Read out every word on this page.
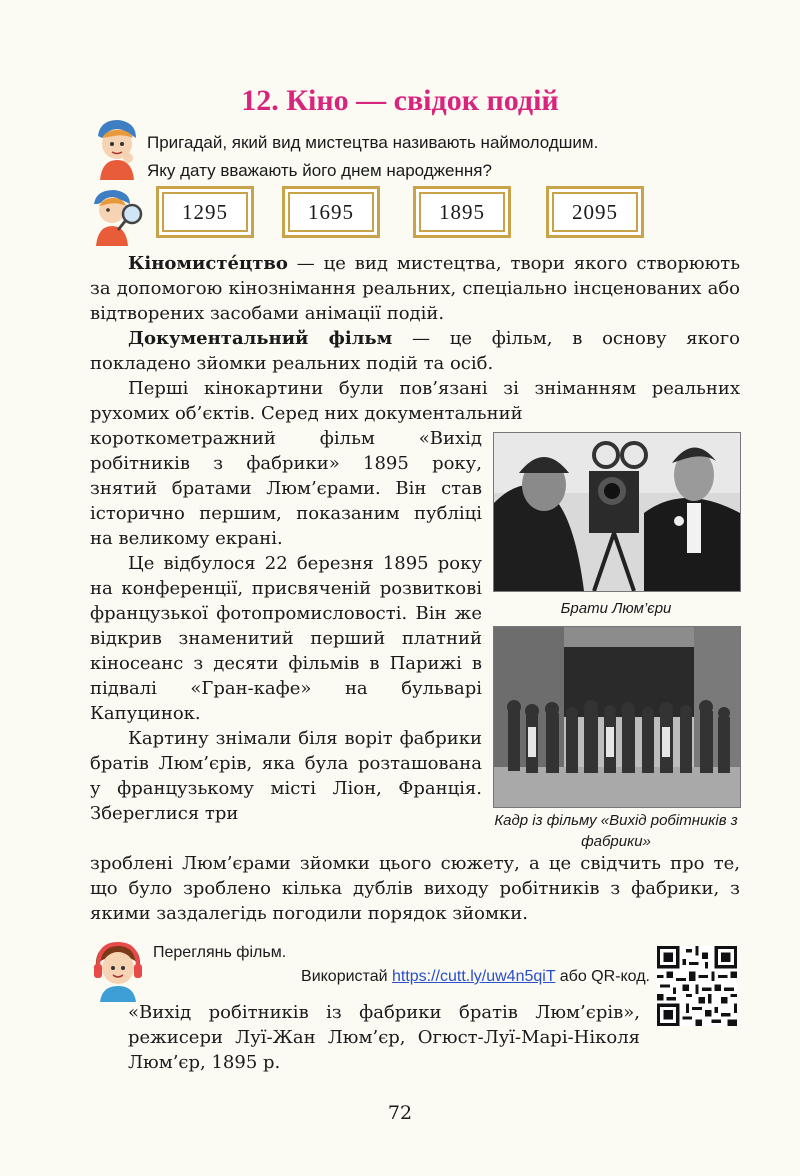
12. Кіно — свідок подій
Пригадай, який вид мистецтва називають наймолодшим.
Яку дату вважають його днем народження?
1295	1695	1895	2095

Кіномисте́цтво — це вид мистецтва, твори якого створюють за допомогою кінознімання реальних, спеціально інсценованих або відтворених засобами анімації подій.

Документальний фільм — це фільм, в основу якого покладено зйомки реальних подій та осіб.

Перші кінокартини були пов’язані зі зніманням реальних рухомих об’єктів. Серед них документальний

короткометражний фільм «Вихід робітників з фабрики» 1895 року, знятий братами Люм’єрами. Він став історично першим, показаним публіці на великому екрані.

Це відбулося 22 березня 1895 року на конференції, присвяченій розвиткові французької фотопромисловості. Він же відкрив знаменитий перший платний кіносеанс з десяти фільмів в Парижі в підвалі «Гран-кафе» на бульварі Капуцинок.

Картину знімали біля воріт фабрики братів Люм’єрів, яка була розташована у французькому місті Ліон, Франція. Збереглися три

зроблені Люм’єрами зйомки цього сюжету, а це свідчить про те, що було зроблено кілька дублів виходу робітників з фабрики, з якими заздалегідь погодили порядок зйомки.

Брати Люм’єри
Кадр із фільму «Вихід робітників з фабрики»
Переглянь фільм.
Використай https://cutt.ly/uw4n5qiT або QR-код.

«Вихід робітників із фабрики братів Люм’єрів», режисери Луї-Жан Люм’єр, Огюст-Луї-Марі-Ніколя Люм’єр, 1895 р.

72
